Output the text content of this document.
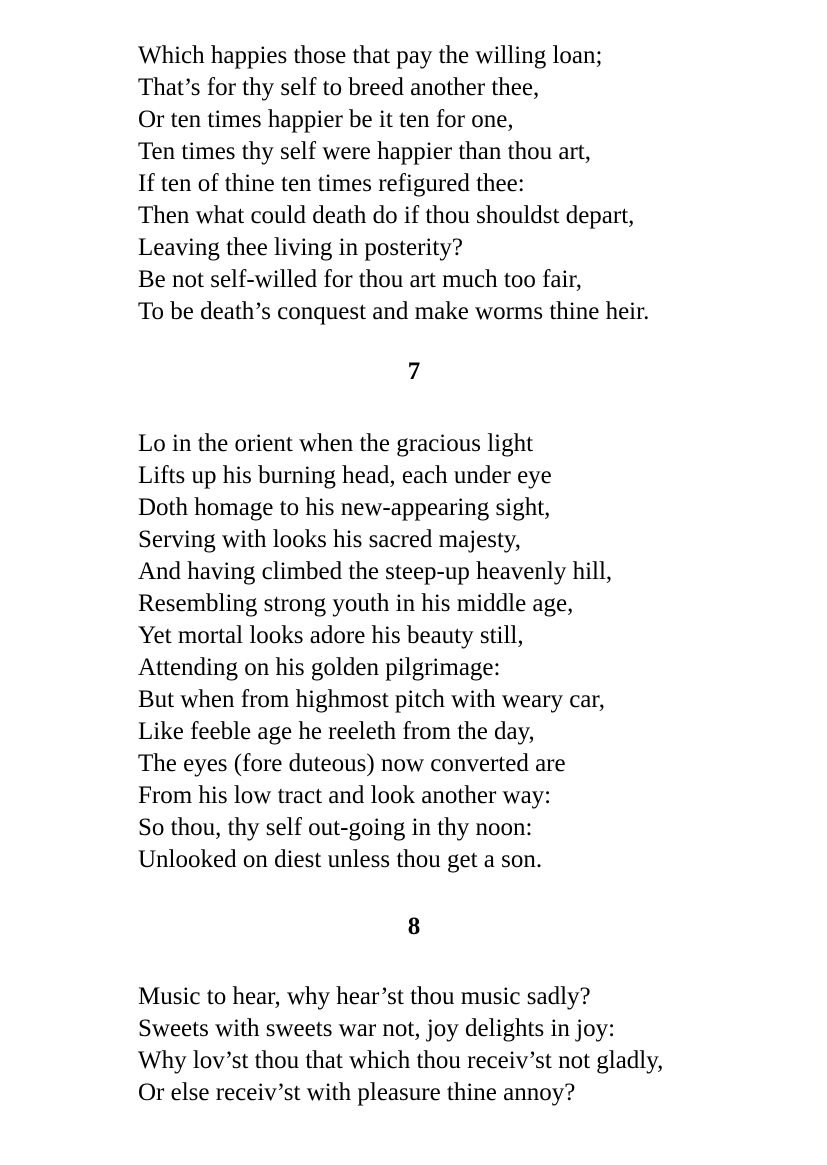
Which happies those that pay the willing loan;
That’s for thy self to breed another thee,
Or ten times happier be it ten for one,
Ten times thy self were happier than thou art,
If ten of thine ten times refigured thee:
Then what could death do if thou shouldst depart,
Leaving thee living in posterity?
Be not self-willed for thou art much too fair,
To be death’s conquest and make worms thine heir.
7
Lo in the orient when the gracious light
Lifts up his burning head, each under eye
Doth homage to his new-appearing sight,
Serving with looks his sacred majesty,
And having climbed the steep-up heavenly hill,
Resembling strong youth in his middle age,
Yet mortal looks adore his beauty still,
Attending on his golden pilgrimage:
But when from highmost pitch with weary car,
Like feeble age he reeleth from the day,
The eyes (fore duteous) now converted are
From his low tract and look another way:
So thou, thy self out-going in thy noon:
Unlooked on diest unless thou get a son.
8
Music to hear, why hear’st thou music sadly?
Sweets with sweets war not, joy delights in joy:
Why lov’st thou that which thou receiv’st not gladly,
Or else receiv’st with pleasure thine annoy?
